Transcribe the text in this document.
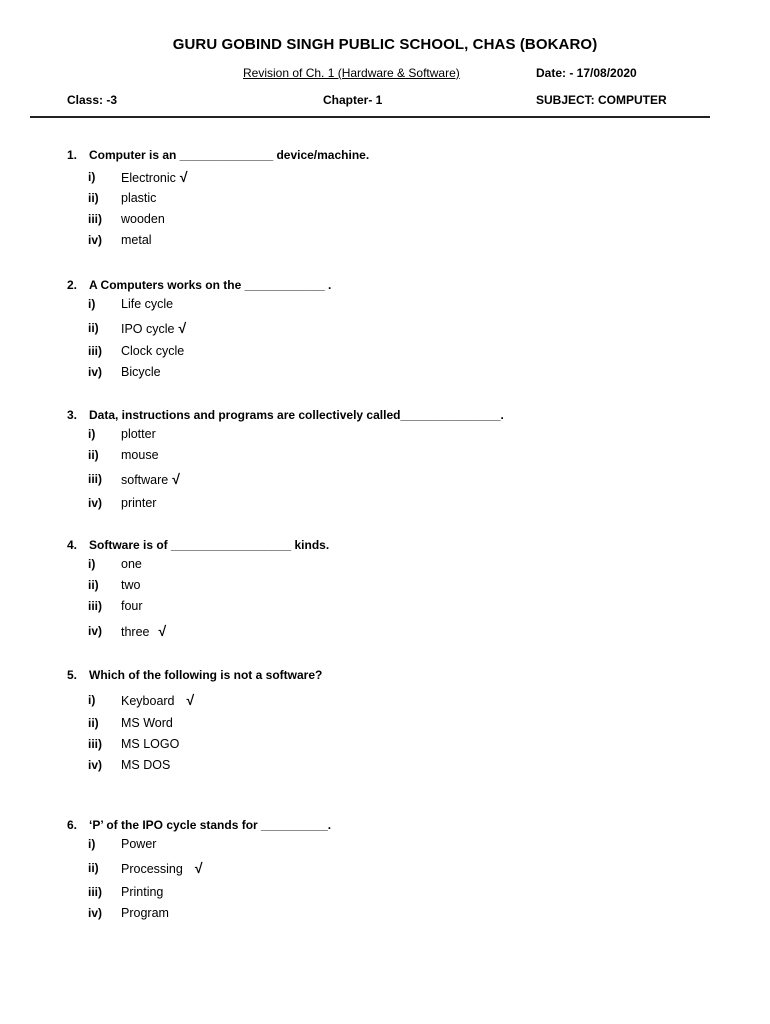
GURU GOBIND SINGH PUBLIC SCHOOL, CHAS (BOKARO)
Revision of Ch. 1 (Hardware & Software)	Date: - 17/08/2020
Class: -3	Chapter- 1	SUBJECT: COMPUTER
1. Computer is an ______________ device/machine.
i) Electronic √
ii) plastic
iii) wooden
iv) metal
2. A Computers works on the ____________ .
i) Life cycle
ii) IPO cycle √
iii) Clock cycle
iv) Bicycle
3. Data, instructions and programs are collectively called_______________.
i) plotter
ii) mouse
iii) software √
iv) printer
4. Software is of __________________ kinds.
i) one
ii) two
iii) four
iv) three √
5. Which of the following is not a software?
i) Keyboard √
ii) MS Word
iii) MS LOGO
iv) MS DOS
6. ‘P’ of the IPO cycle stands for __________.
i) Power
ii) Processing √
iii) Printing
iv) Program
